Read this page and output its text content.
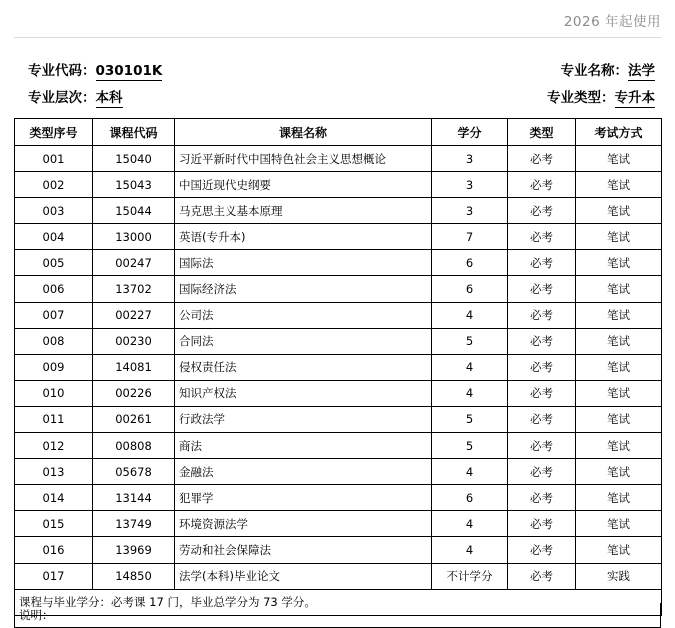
2026 年起使用
专业代码：030101K	专业名称：法学
专业层次：本科	专业类型：专升本
类型序号	课程代码	课程名称	学分	类型	考试方式
001	15040	习近平新时代中国特色社会主义思想概论	3	必考	笔试
002	15043	中国近现代史纲要	3	必考	笔试
003	15044	马克思主义基本原理	3	必考	笔试
004	13000	英语(专升本)	7	必考	笔试
005	00247	国际法	6	必考	笔试
006	13702	国际经济法	6	必考	笔试
007	00227	公司法	4	必考	笔试
008	00230	合同法	5	必考	笔试
009	14081	侵权责任法	4	必考	笔试
010	00226	知识产权法	4	必考	笔试
011	00261	行政法学	5	必考	笔试
012	00808	商法	5	必考	笔试
013	05678	金融法	4	必考	笔试
014	13144	犯罪学	6	必考	笔试
015	13749	环境资源法学	4	必考	笔试
016	13969	劳动和社会保障法	4	必考	笔试
017	14850	法学(本科)毕业论文	不计学分	必考	实践
课程与毕业学分：必考课 17 门，毕业总学分为 73 学分。					
说明：
